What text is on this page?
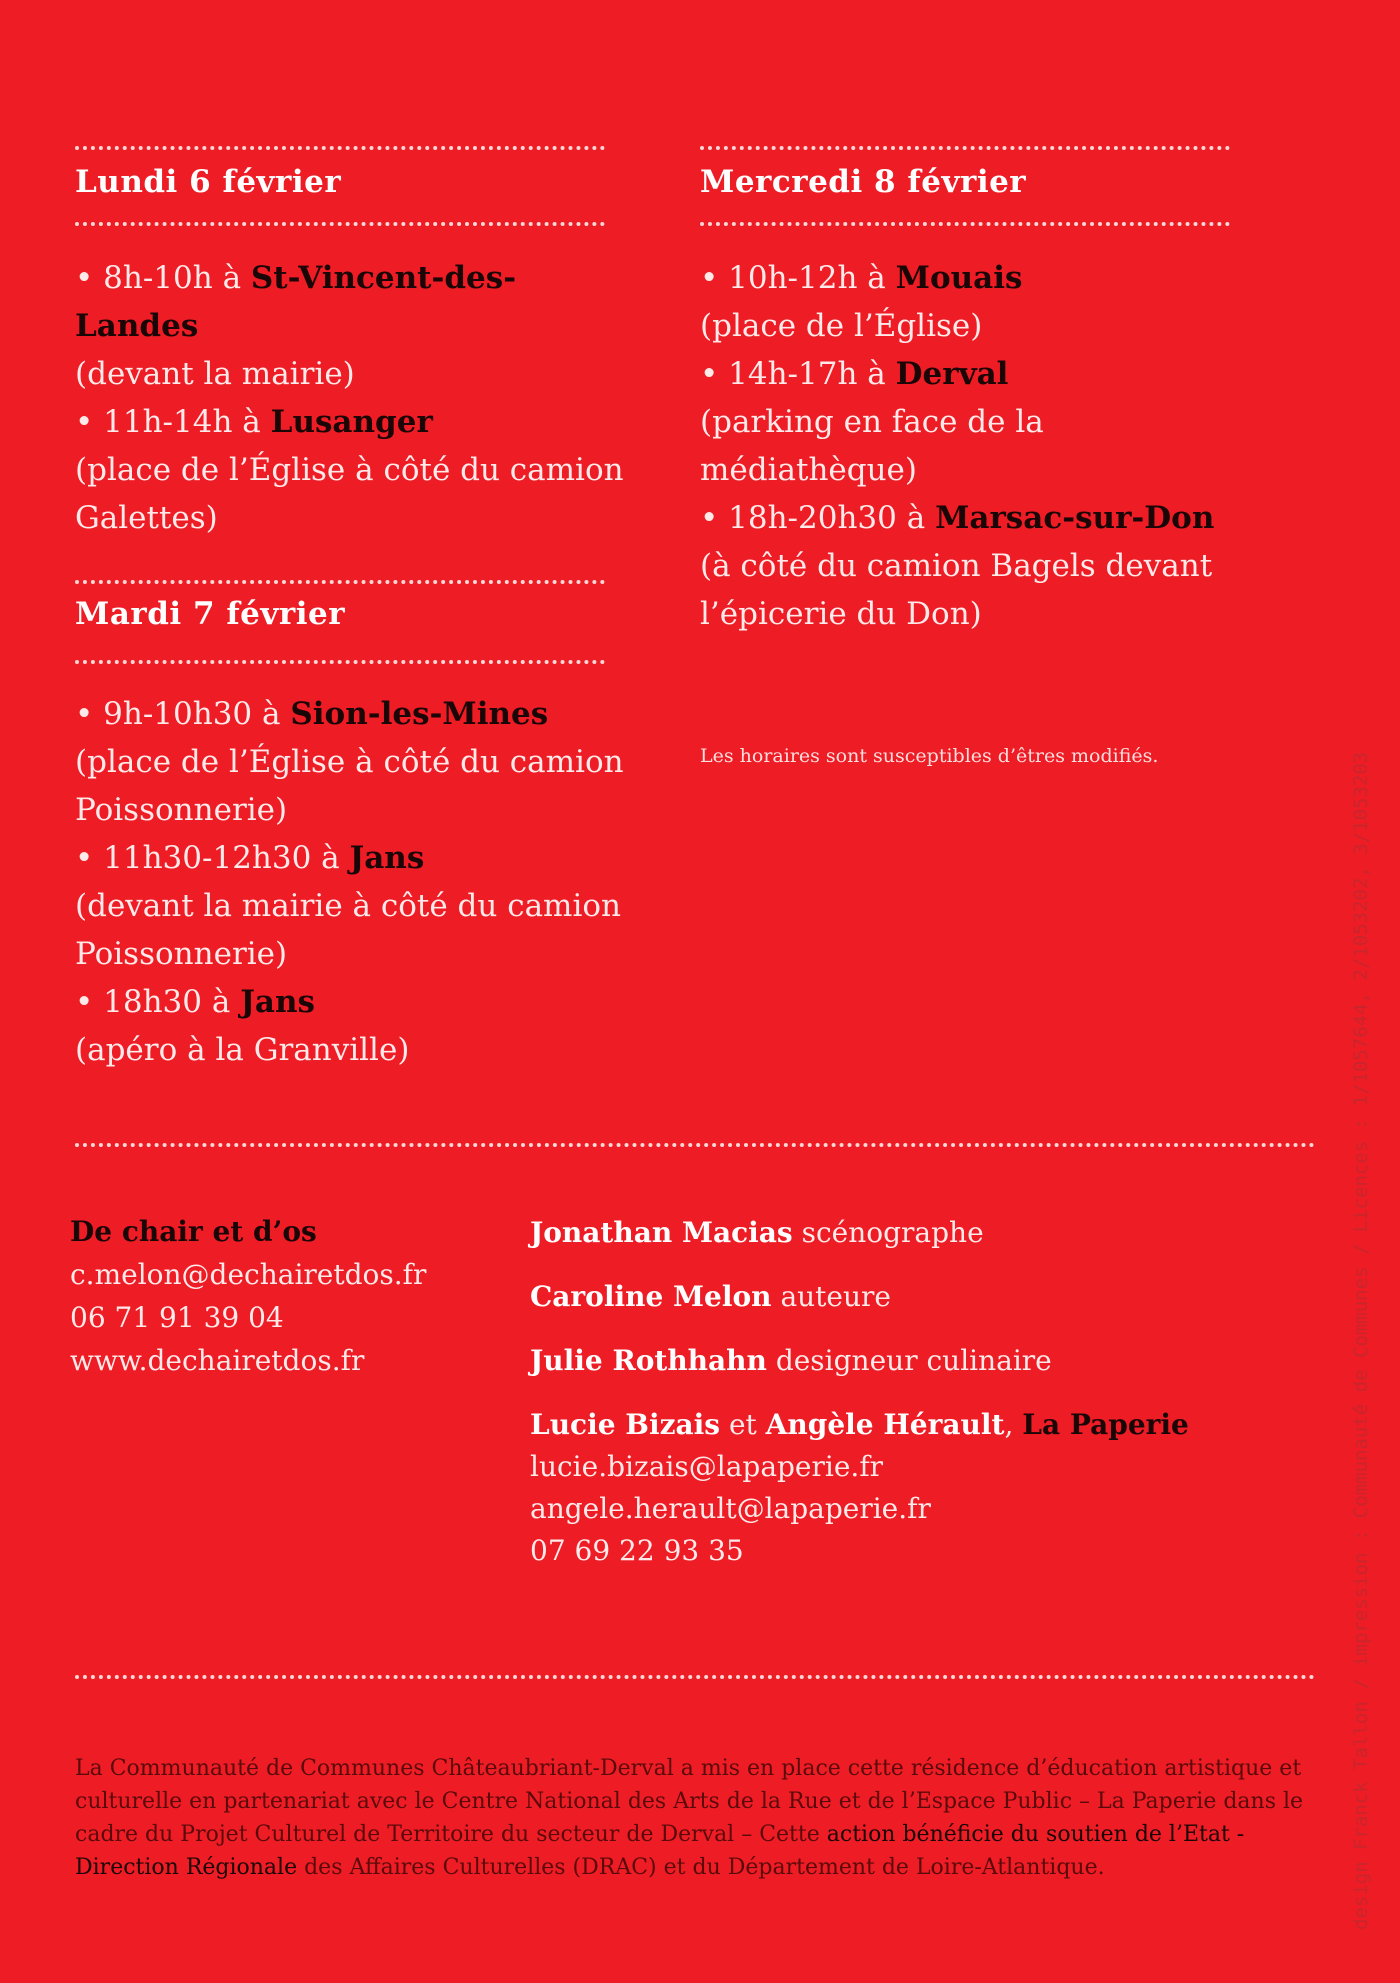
Lundi 6 février
• 8h-10h à St-Vincent-des-Landes
(devant la mairie)
• 11h-14h à Lusanger
(place de l’Église à côté du camion Galettes)
Mardi 7 février
• 9h-10h30 à Sion-les-Mines
(place de l’Église à côté du camion Poissonnerie)
• 11h30-12h30 à Jans
(devant la mairie à côté du camion Poissonnerie)
• 18h30 à Jans
(apéro à la Granville)
Mercredi 8 février
• 10h-12h à Mouais
(place de l’Église)
• 14h-17h à Derval
(parking en face de la médiathèque)
• 18h-20h30 à Marsac-sur-Don
(à côté du camion Bagels devant l’épicerie du Don)
Les horaires sont susceptibles d’êtres modifiés.
De chair et d’os
c.melon@dechairetdos.fr
06 71 91 39 04
www.dechairetdos.fr
Jonathan Macias scénographe
Caroline Melon auteure
Julie Rothhahn designeur culinaire
Lucie Bizais et Angèle Hérault, La Paperie
lucie.bizais@lapaperie.fr
angele.herault@lapaperie.fr
07 69 22 93 35

La Communauté de Communes Châteaubriant-Derval a mis en place cette résidence d’éducation artistique et culturelle en partenariat avec le Centre National des Arts de la Rue et de l’Espace Public – La Paperie dans le cadre du Projet Culturel de Territoire du secteur de Derval – Cette action bénéficie du soutien de l’Etat - Direction Régionale des Affaires Culturelles (DRAC) et du Département de Loire-Atlantique.	design Franck Tallon / impression : Communauté de Communes / Licences : 1/1057644, 2/1053202, 3/1053203
